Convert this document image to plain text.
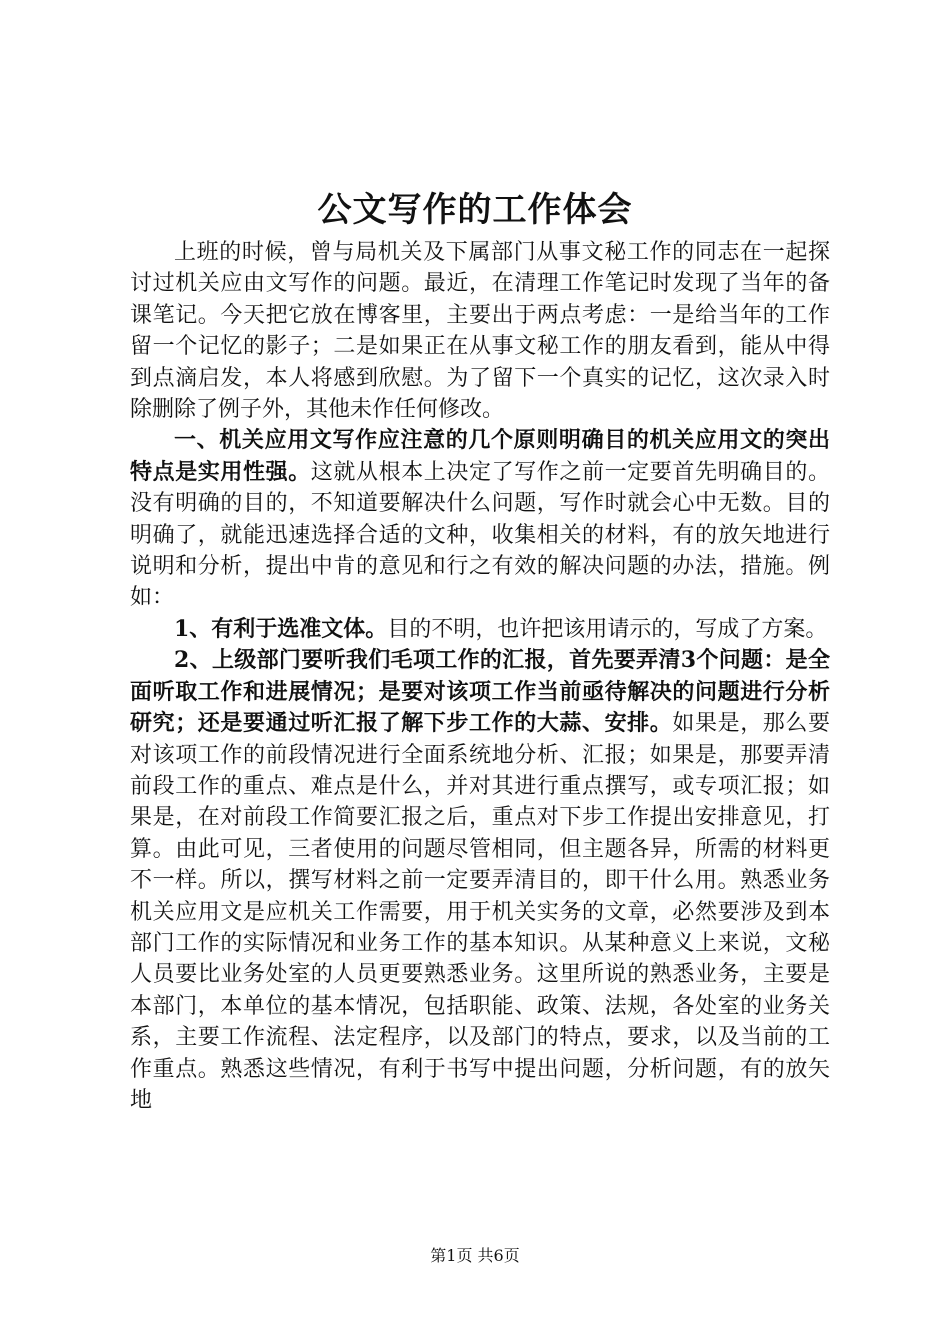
公文写作的工作体会

上班的时候，曾与局机关及下属部门从事文秘工作的同志在一起探讨过机关应由文写作的问题。最近，在清理工作笔记时发现了当年的备课笔记。今天把它放在博客里，主要出于两点考虑：一是给当年的工作留一个记忆的影子；二是如果正在从事文秘工作的朋友看到，能从中得到点滴启发，本人将感到欣慰。为了留下一个真实的记忆，这次录入时除删除了例子外，其他未作任何修改。

一、机关应用文写作应注意的几个原则明确目的机关应用文的突出特点是实用性强。这就从根本上决定了写作之前一定要首先明确目的。没有明确的目的，不知道要解决什么问题，写作时就会心中无数。目的明确了，就能迅速选择合适的文种，收集相关的材料，有的放矢地进行说明和分析，提出中肯的意见和行之有效的解决问题的办法，措施。例如：

1、有利于选准文体。目的不明，也许把该用请示的，写成了方案。

2、上级部门要听我们毛项工作的汇报，首先要弄清3个问题：是全面听取工作和进展情况；是要对该项工作当前亟待解决的问题进行分析研究；还是要通过听汇报了解下步工作的大蒜、安排。如果是，那么要对该项工作的前段情况进行全面系统地分析、汇报；如果是，那要弄清前段工作的重点、难点是什么，并对其进行重点撰写，或专项汇报；如果是，在对前段工作简要汇报之后，重点对下步工作提出安排意见，打算。由此可见，三者使用的问题尽管相同，但主题各异，所需的材料更不一样。所以，撰写材料之前一定要弄清目的，即干什么用。熟悉业务机关应用文是应机关工作需要，用于机关实务的文章，必然要涉及到本部门工作的实际情况和业务工作的基本知识。从某种意义上来说，文秘人员要比业务处室的人员更要熟悉业务。这里所说的熟悉业务，主要是本部门，本单位的基本情况，包括职能、政策、法规，各处室的业务关系，主要工作流程、法定程序，以及部门的特点，要求，以及当前的工作重点。熟悉这些情况，有利于书写中提出问题，分析问题，有的放矢地

第1页 共6页
